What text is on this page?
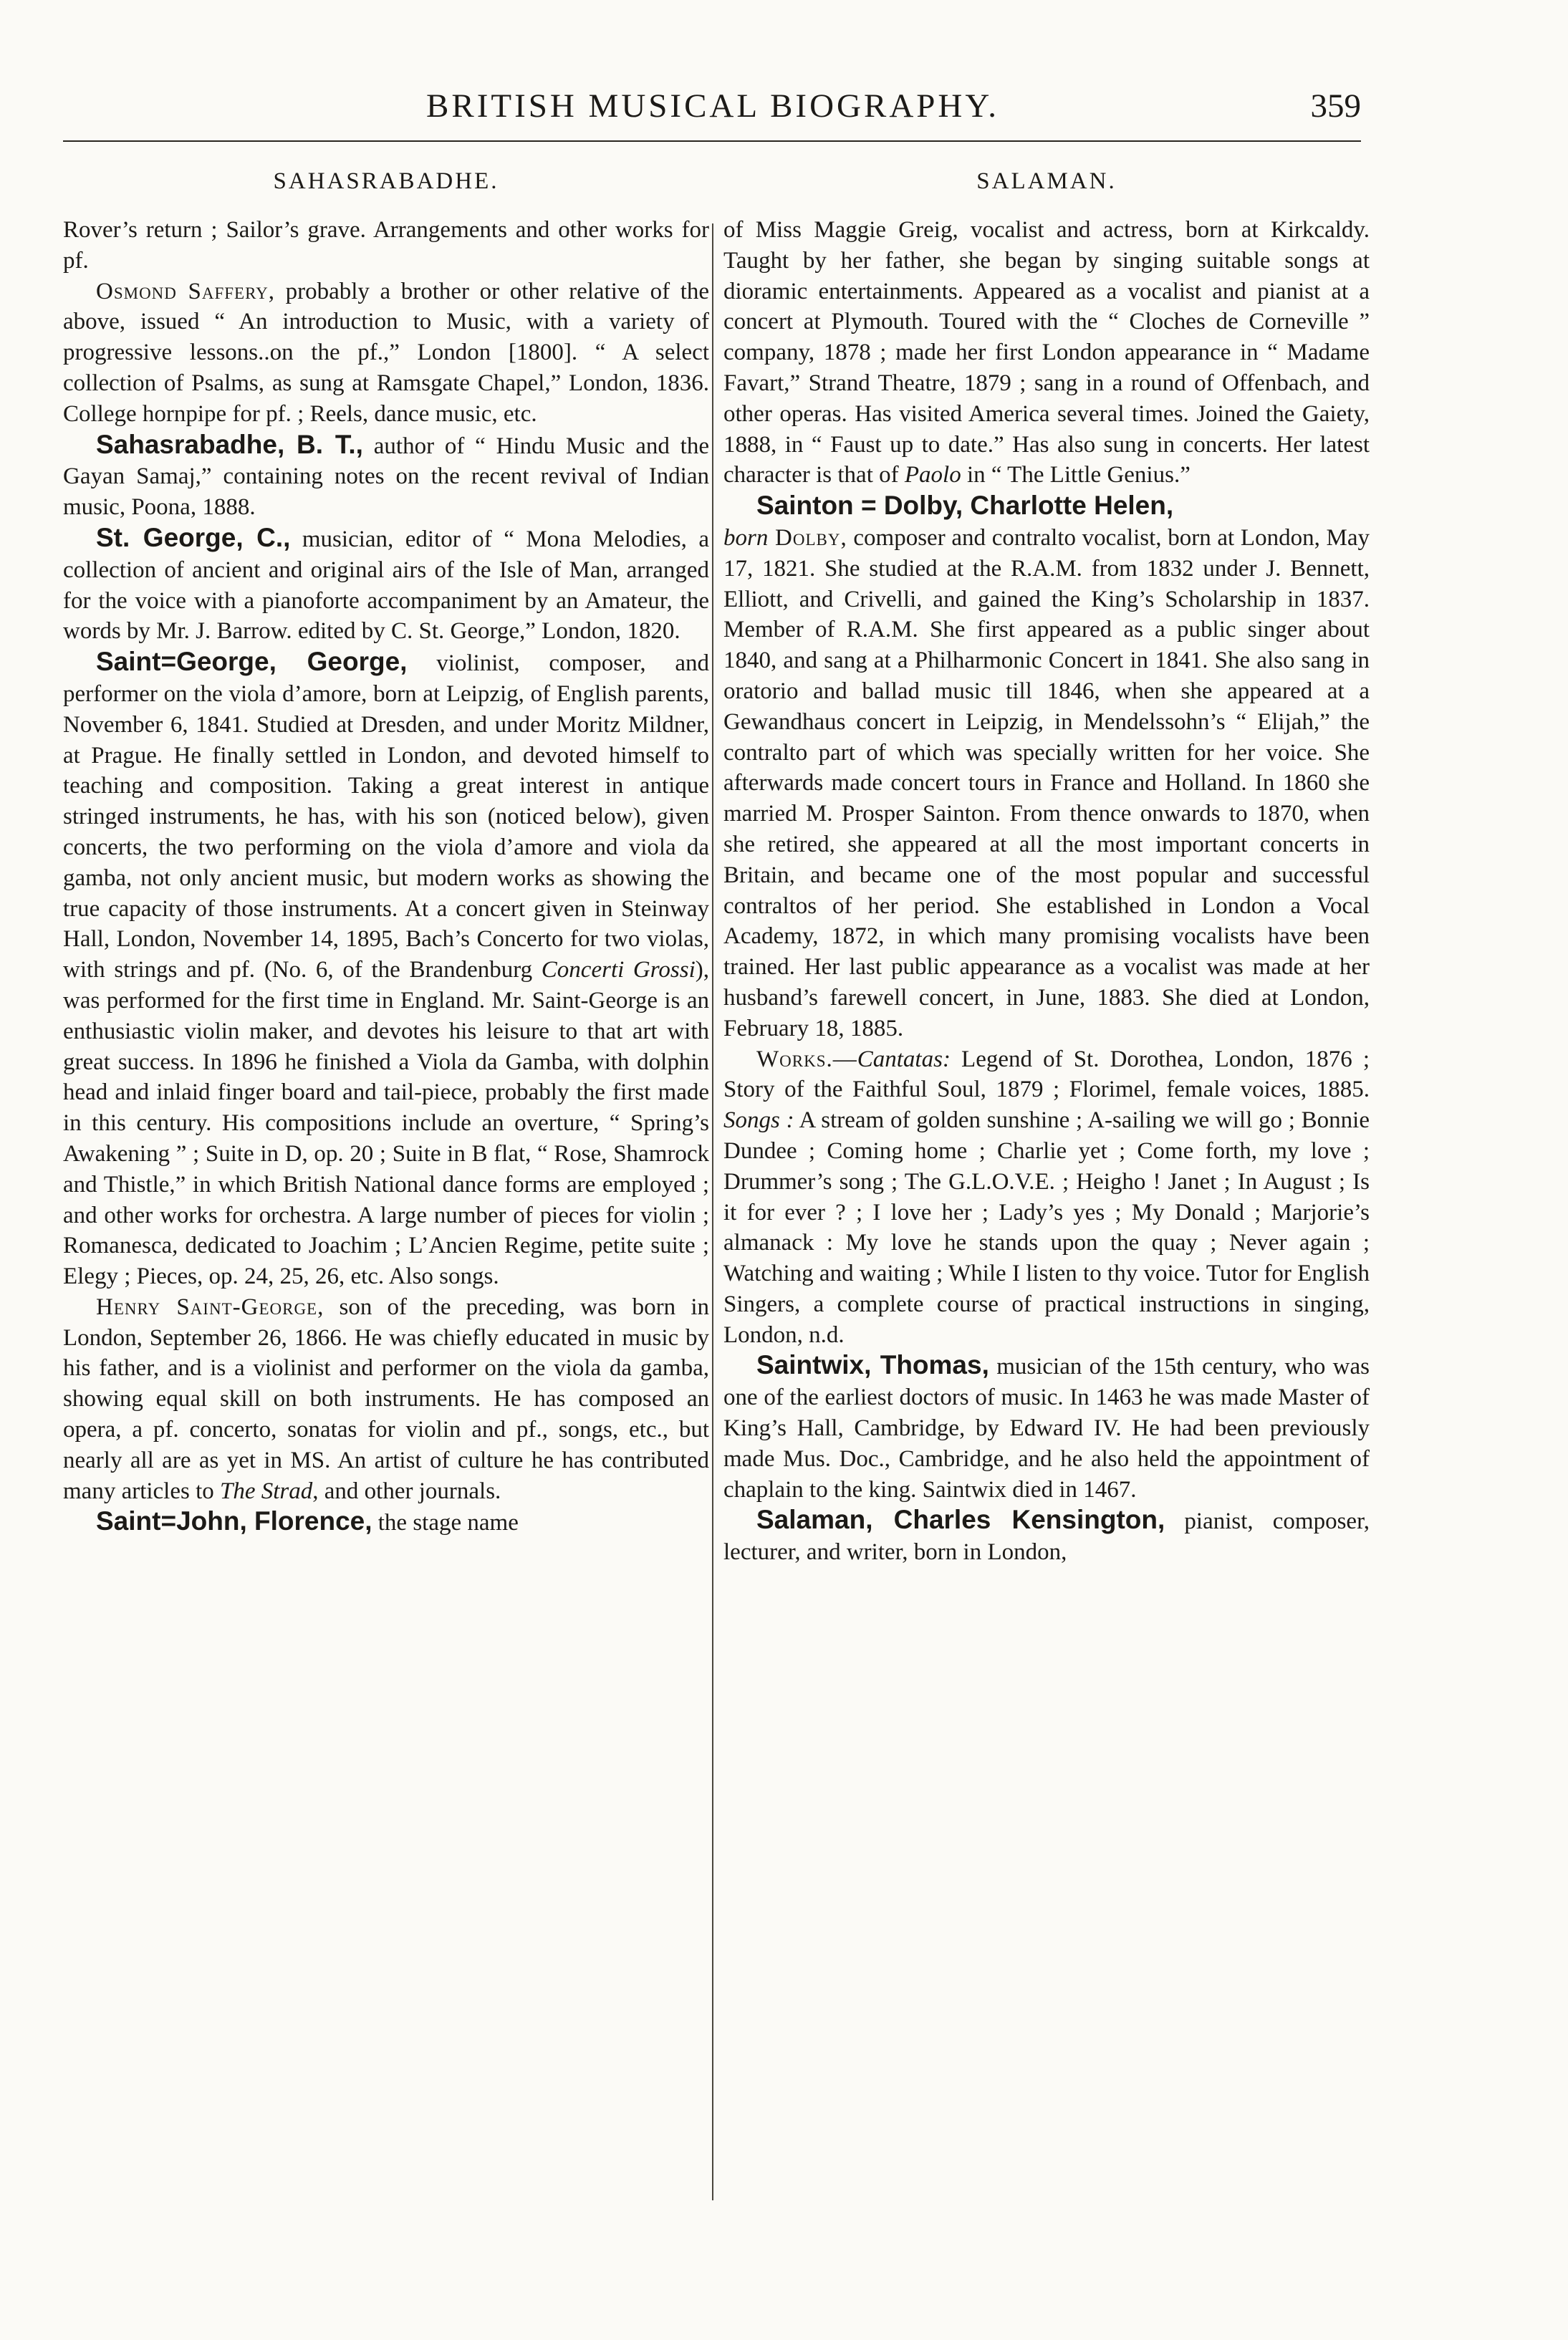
BRITISH MUSICAL BIOGRAPHY.	359
SAHASRABADHE.

Rover’s return ; Sailor’s grave. Arrangements and other works for pf.

Osmond Saffery, probably a brother or other relative of the above, issued “ An introduction to Music, with a variety of progressive lessons..on the pf.,” London [1800]. “ A select collection of Psalms, as sung at Ramsgate Chapel,” London, 1836. College hornpipe for pf. ; Reels, dance music, etc.

Sahasrabadhe, B. T., author of “ Hindu Music and the Gayan Samaj,” containing notes on the recent revival of Indian music, Poona, 1888.

St. George, C., musician, editor of “ Mona Melodies, a collection of ancient and original airs of the Isle of Man, arranged for the voice with a pianoforte accompaniment by an Amateur, the words by Mr. J. Barrow. edited by C. St. George,” London, 1820.

Saint=George, George, violinist, composer, and performer on the viola d’amore, born at Leipzig, of English parents, November 6, 1841. Studied at Dresden, and under Moritz Mildner, at Prague. He finally settled in London, and devoted himself to teaching and composition. Taking a great interest in antique stringed instruments, he has, with his son (noticed below), given concerts, the two performing on the viola d’amore and viola da gamba, not only ancient music, but modern works as showing the true capacity of those instruments. At a concert given in Steinway Hall, London, November 14, 1895, Bach’s Concerto for two violas, with strings and pf. (No. 6, of the Brandenburg Concerti Grossi), was performed for the first time in England. Mr. Saint-George is an enthusiastic violin maker, and devotes his leisure to that art with great success. In 1896 he finished a Viola da Gamba, with dolphin head and inlaid finger board and tail-piece, probably the first made in this century. His compositions include an overture, “ Spring’s Awakening ” ; Suite in D, op. 20 ; Suite in B flat, “ Rose, Shamrock and Thistle,” in which British National dance forms are employed ; and other works for orchestra. A large number of pieces for violin ; Romanesca, dedicated to Joachim ; L’Ancien Regime, petite suite ; Elegy ; Pieces, op. 24, 25, 26, etc. Also songs.

Henry Saint-George, son of the preceding, was born in London, September 26, 1866. He was chiefly educated in music by his father, and is a violinist and performer on the viola da gamba, showing equal skill on both instruments. He has composed an opera, a pf. concerto, sonatas for violin and pf., songs, etc., but nearly all are as yet in MS. An artist of culture he has contributed many articles to The Strad, and other journals.

Saint=John, Florence, the stage name

SALAMAN.

of Miss Maggie Greig, vocalist and actress, born at Kirkcaldy. Taught by her father, she began by singing suitable songs at dioramic entertainments. Appeared as a vocalist and pianist at a concert at Plymouth. Toured with the “ Cloches de Corneville ” company, 1878 ; made her first London appearance in “ Madame Favart,” Strand Theatre, 1879 ; sang in a round of Offenbach, and other operas. Has visited America several times. Joined the Gaiety, 1888, in “ Faust up to date.” Has also sung in concerts. Her latest character is that of Paolo in “ The Little Genius.”

Sainton = Dolby, Charlotte Helen,
born Dolby, composer and contralto vocalist, born at London, May 17, 1821. She studied at the R.A.M. from 1832 under J. Bennett, Elliott, and Crivelli, and gained the King’s Scholarship in 1837. Member of R.A.M. She first appeared as a public singer about 1840, and sang at a Philharmonic Concert in 1841. She also sang in oratorio and ballad music till 1846, when she appeared at a Gewandhaus concert in Leipzig, in Mendelssohn’s “ Elijah,” the contralto part of which was specially written for her voice. She afterwards made concert tours in France and Holland. In 1860 she married M. Prosper Sainton. From thence onwards to 1870, when she retired, she appeared at all the most important concerts in Britain, and became one of the most popular and successful contraltos of her period. She established in London a Vocal Academy, 1872, in which many promising vocalists have been trained. Her last public appearance as a vocalist was made at her husband’s farewell concert, in June, 1883. She died at London, February 18, 1885.

Works.—Cantatas: Legend of St. Dorothea, London, 1876 ; Story of the Faithful Soul, 1879 ; Florimel, female voices, 1885. Songs : A stream of golden sunshine ; A-sailing we will go ; Bonnie Dundee ; Coming home ; Charlie yet ; Come forth, my love ; Drummer’s song ; The G.L.O.V.E. ; Heigho ! Janet ; In August ; Is it for ever ? ; I love her ; Lady’s yes ; My Donald ; Marjorie’s almanack : My love he stands upon the quay ; Never again ; Watching and waiting ; While I listen to thy voice. Tutor for English Singers, a complete course of practical instructions in singing, London, n.d.

Saintwix, Thomas, musician of the 15th century, who was one of the earliest doctors of music. In 1463 he was made Master of King’s Hall, Cambridge, by Edward IV. He had been previously made Mus. Doc., Cambridge, and he also held the appointment of chaplain to the king. Saintwix died in 1467.

Salaman, Charles Kensington, pianist, composer, lecturer, and writer, born in London,
